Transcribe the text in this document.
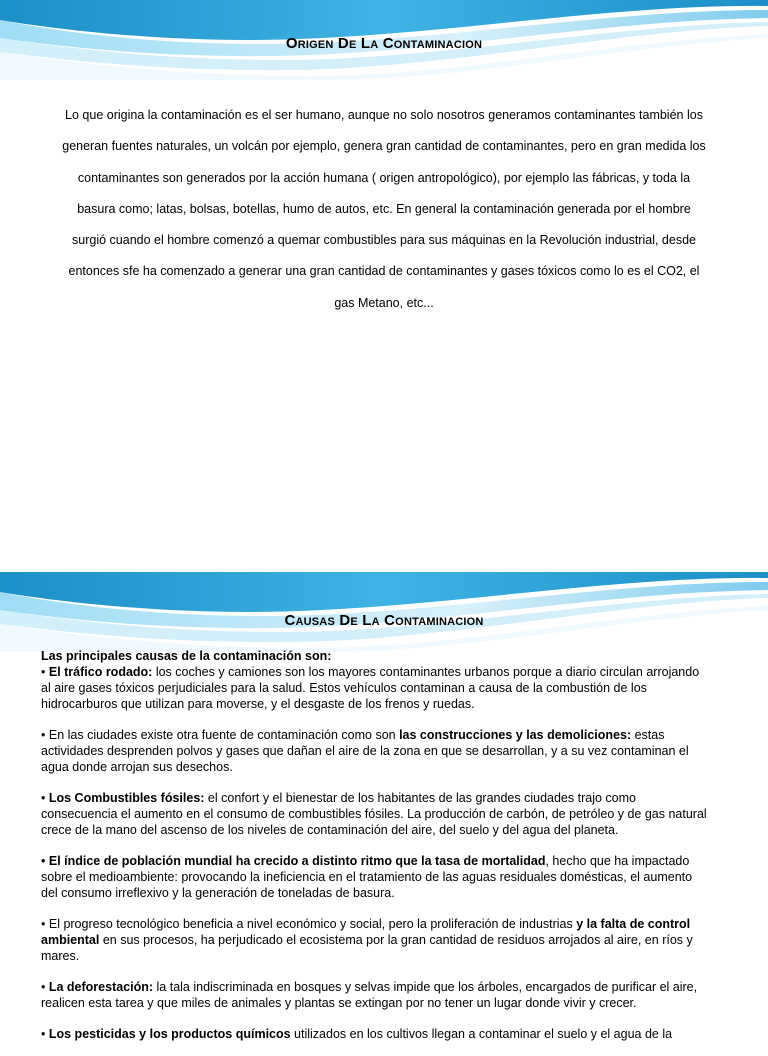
Origen De La Contaminacion
Lo que origina la contaminación es el ser humano, aunque no solo nosotros generamos contaminantes también los generan fuentes naturales, un volcán por ejemplo, genera gran cantidad de contaminantes, pero en gran medida los contaminantes son generados por la acción humana ( origen antropológico), por ejemplo las fábricas, y toda la basura como; latas, bolsas, botellas, humo de autos, etc. En general la contaminación generada por el hombre surgió cuando el hombre comenzó a quemar combustibles para sus máquinas en la Revolución industrial, desde entonces sfe ha comenzado a generar una gran cantidad de contaminantes y gases tóxicos como lo es el CO2, el gas Metano, etc...
Causas De La Contaminacion
Las principales causas de la contaminación son:

• El tráfico rodado: los coches y camiones son los mayores contaminantes urbanos porque a diario circulan arrojando al aire gases tóxicos perjudiciales para la salud. Estos vehículos contaminan a causa de la combustión de los hidrocarburos que utilizan para moverse, y el desgaste de los frenos y ruedas.

• En las ciudades existe otra fuente de contaminación como son las construcciones y las demoliciones: estas actividades desprenden polvos y gases que dañan el aire de la zona en que se desarrollan, y a su vez contaminan el agua donde arrojan sus desechos.

• Los Combustibles fósiles: el confort y el bienestar de los habitantes de las grandes ciudades trajo como consecuencia el aumento en el consumo de combustibles fósiles. La producción de carbón, de petróleo y de gas natural crece de la mano del ascenso de los niveles de contaminación del aire, del suelo y del agua del planeta.

• El índice de población mundial ha crecido a distinto ritmo que la tasa de mortalidad, hecho que ha impactado sobre el medioambiente: provocando la ineficiencia en el tratamiento de las aguas residuales domésticas, el aumento del consumo irreflexivo y la generación de toneladas de basura.

• El progreso tecnológico beneficia a nivel económico y social, pero la proliferación de industrias y la falta de control ambiental en sus procesos, ha perjudicado el ecosistema por la gran cantidad de residuos arrojados al aire, en ríos y mares.

• La deforestación: la tala indiscriminada en bosques y selvas impide que los árboles, encargados de purificar el aire, realicen esta tarea y que miles de animales y plantas se extingan por no tener un lugar donde vivir y crecer.

• Los pesticidas y los productos químicos utilizados en los cultivos llegan a contaminar el suelo y el agua de la
